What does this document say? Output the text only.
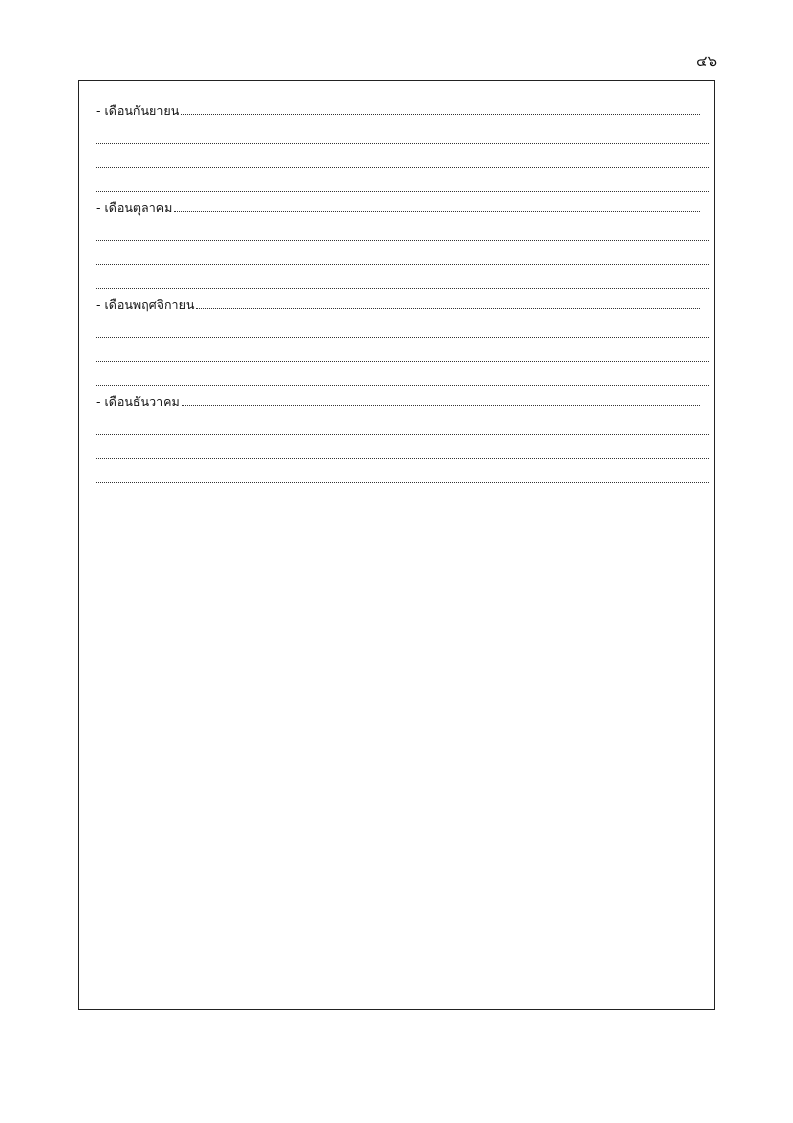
๔๖
- เดือนกันยายน
- เดือนตุลาคม
- เดือนพฤศจิกายน
- เดือนธันวาคม
